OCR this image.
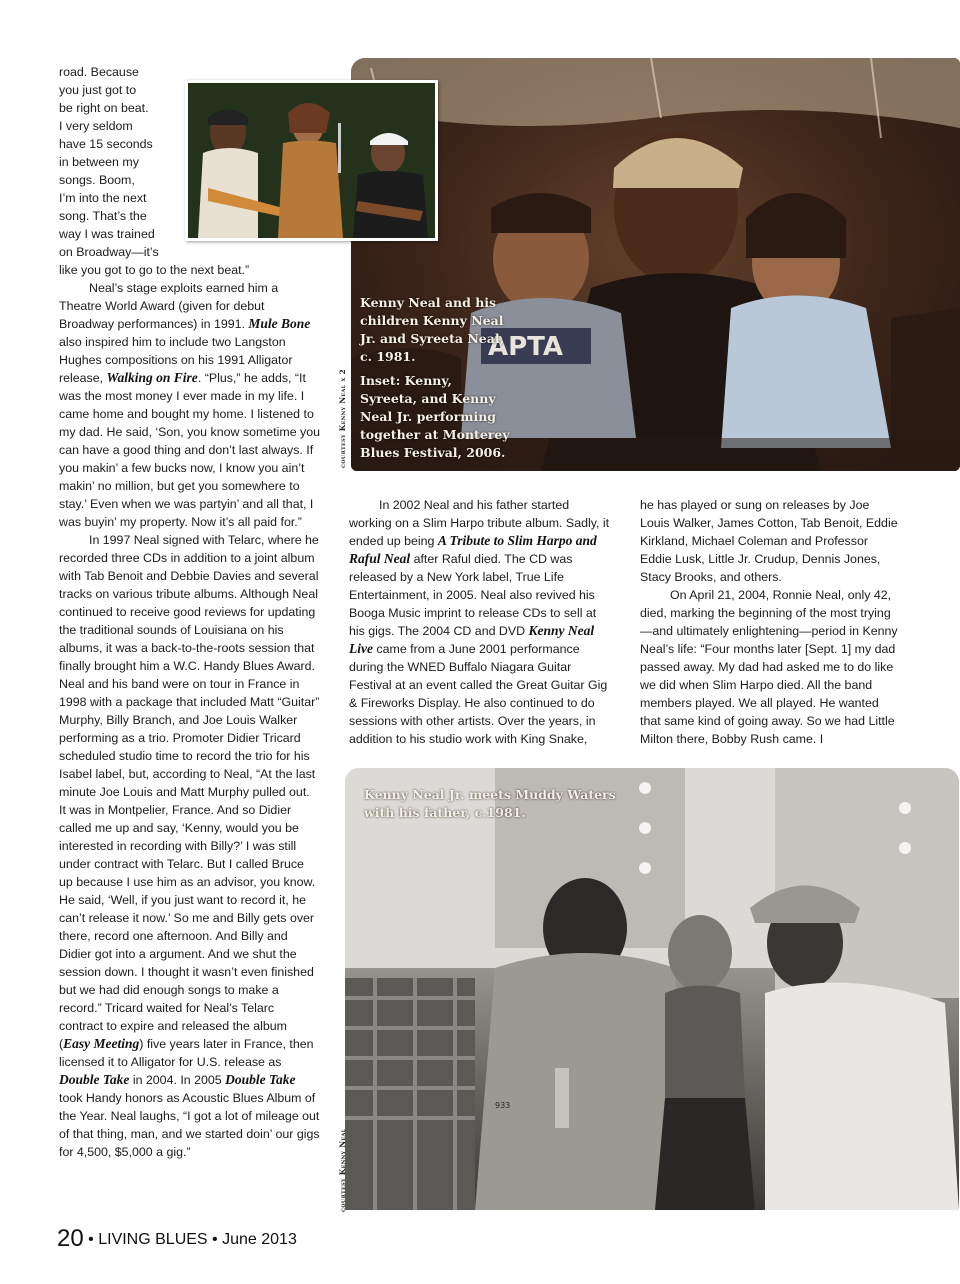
road. Because
you just got to
be right on beat.
I very seldom
have 15 seconds
in between my
songs. Boom,
I’m into the next
song. That’s the
way I was trained
on Broadway—it’s

like you got to go to the next beat.”

Neal’s stage exploits earned him a Theatre World Award (given for debut Broadway performances) in 1991. Mule Bone also inspired him to include two Langston Hughes compositions on his 1991 Alligator release, Walking on Fire. “Plus,” he adds, “It was the most money I ever made in my life. I came home and bought my home. I listened to my dad. He said, ‘Son, you know sometime you can have a good thing and don’t last always. If you makin’ a few bucks now, I know you ain’t makin’ no million, but get you somewhere to stay.’ Even when we was partyin’ and all that, I was buyin’ my property. Now it’s all paid for.”

In 1997 Neal signed with Telarc, where he recorded three CDs in addition to a joint album with Tab Benoit and Debbie Davies and several tracks on various tribute albums. Although Neal continued to receive good reviews for updating the traditional sounds of Louisiana on his albums, it was a back-to-the-roots session that finally brought him a W.C. Handy Blues Award. Neal and his band were on tour in France in 1998 with a package that included Matt “Guitar” Murphy, Billy Branch, and Joe Louis Walker performing as a trio. Promoter Didier Tricard scheduled studio time to record the trio for his Isabel label, but, according to Neal, “At the last minute Joe Louis and Matt Murphy pulled out. It was in Montpelier, France. And so Didier called me up and say, ‘Kenny, would you be interested in recording with Billy?’ I was still under contract with Telarc. But I called Bruce up because I use him as an advisor, you know. He said, ‘Well, if you just want to record it, he can’t release it now.’ So me and Billy gets over there, record one afternoon. And Billy and Didier got into a argument. And we shut the session down. I thought it wasn’t even finished but we had did enough songs to make a record.” Tricard waited for Neal’s Telarc contract to expire and released the album (Easy Meeting) five years later in France, then licensed it to Alligator for U.S. release as Double Take in 2004. In 2005 Double Take took Handy honors as Acoustic Blues Album of the Year. Neal laughs, “I got a lot of mileage out of that thing, man, and we started doin’ our gigs for 4,500, $5,000 a gig.”

APTA
Kenny Neal and his children Kenny Neal Jr. and Syreeta Neal, c. 1981.
Inset: Kenny, Syreeta, and Kenny Neal Jr. performing together at Monterey Blues Festival, 2006.
courtesy Kenny Neal x 2

In 2002 Neal and his father started working on a Slim Harpo tribute album. Sadly, it ended up being A Tribute to Slim Harpo and Raful Neal after Raful died. The CD was released by a New York label, True Life Entertainment, in 2005. Neal also revived his Booga Music imprint to release CDs to sell at his gigs. The 2004 CD and DVD Kenny Neal Live came from a June 2001 performance during the WNED Buffalo Niagara Guitar Festival at an event called the Great Guitar Gig & Fireworks Display. He also continued to do sessions with other artists. Over the years, in addition to his studio work with King Snake,

he has played or sung on releases by Joe Louis Walker, James Cotton, Tab Benoit, Eddie Kirkland, Michael Coleman and Professor Eddie Lusk, Little Jr. Crudup, Dennis Jones, Stacy Brooks, and others.

On April 21, 2004, Ronnie Neal, only 42, died, marking the beginning of the most trying—and ultimately enlightening—period in Kenny Neal’s life: “Four months later [Sept. 1] my dad passed away. My dad had asked me to do like we did when Slim Harpo died. All the band members played. We all played. He wanted that same kind of going away. So we had Little Milton there, Bobby Rush came. I

933
Kenny Neal Jr. meets Muddy Waters with his father, c.1981.
courtesy Kenny Neal
20 • LIVING BLUES • June 2013
